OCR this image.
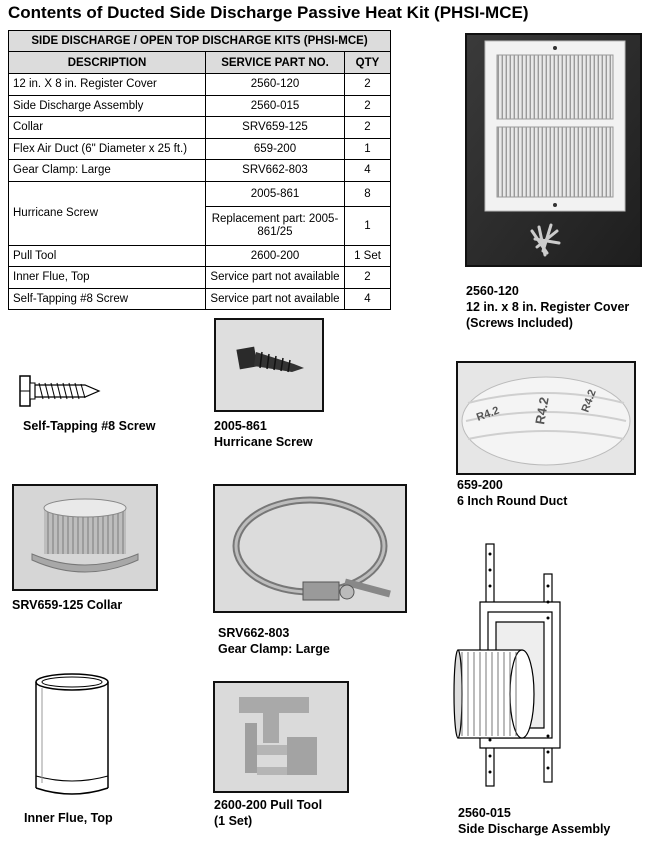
Contents of Ducted Side Discharge Passive Heat Kit (PHSI-MCE)
SIDE DISCHARGE / OPEN TOP DISCHARGE KITS (PHSI-MCE)		
DESCRIPTION	SERVICE PART NO.	QTY
12 in. X 8 in. Register Cover	2560-120	2
Side Discharge Assembly	2560-015	2
Collar	SRV659-125	2
Flex Air Duct (6" Diameter x 25 ft.)	659-200	1
Gear Clamp: Large	SRV662-803	4
Hurricane Screw	2005-861	8
	Replacement part: 2005-861/25	1
Pull Tool	2600-200	1 Set
Inner Flue, Top	Service part not available	2
Self-Tapping #8 Screw	Service part not available	4
2560-120
12 in. x 8 in. Register Cover
(Screws Included)
Self-Tapping #8 Screw	2005-861
Hurricane Screw
R4.2 R4.2	R4.2
659-200
6 Inch Round Duct
SRV659-125 Collar
SRV662-803
Gear Clamp: Large
Inner Flue, Top
2600-200 Pull Tool
(1 Set)
2560-015
Side Discharge Assembly
